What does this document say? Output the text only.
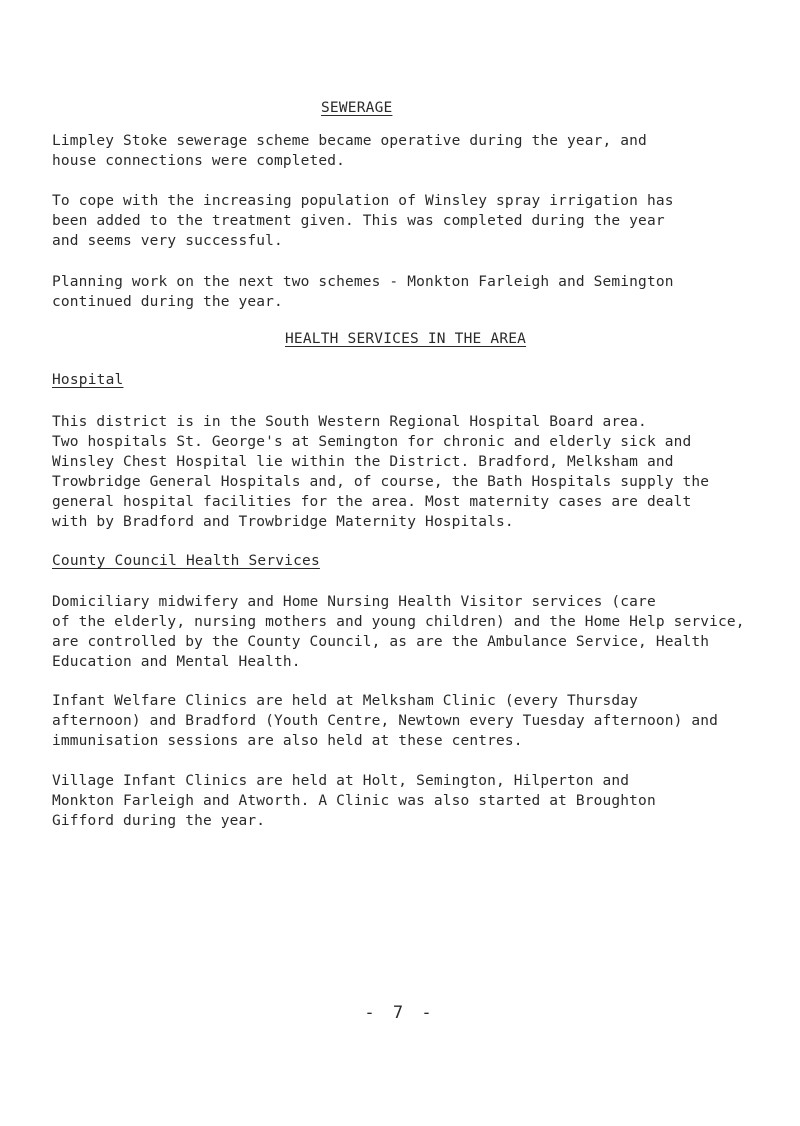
SEWERAGE
Limpley Stoke sewerage scheme became operative during the year, and
house connections were completed.
To cope with the increasing population of Winsley spray irrigation has
been added to the treatment given. This was completed during the year
and seems very successful.
Planning work on the next two schemes - Monkton Farleigh and Semington
continued during the year.
HEALTH SERVICES IN THE AREA
Hospital
This district is in the South Western Regional Hospital Board area.
Two hospitals St. George's at Semington for chronic and elderly sick and
Winsley Chest Hospital lie within the District. Bradford, Melksham and
Trowbridge General Hospitals and, of course, the Bath Hospitals supply the
general hospital facilities for the area. Most maternity cases are dealt
with by Bradford and Trowbridge Maternity Hospitals.
County Council Health Services
Domiciliary midwifery and Home Nursing Health Visitor services (care
of the elderly, nursing mothers and young children) and the Home Help service,
are controlled by the County Council, as are the Ambulance Service, Health
Education and Mental Health.
Infant Welfare Clinics are held at Melksham Clinic (every Thursday
afternoon) and Bradford (Youth Centre, Newtown every Tuesday afternoon) and
immunisation sessions are also held at these centres.
Village Infant Clinics are held at Holt, Semington, Hilperton and
Monkton Farleigh and Atworth. A Clinic was also started at Broughton
Gifford during the year.
- 7 -
